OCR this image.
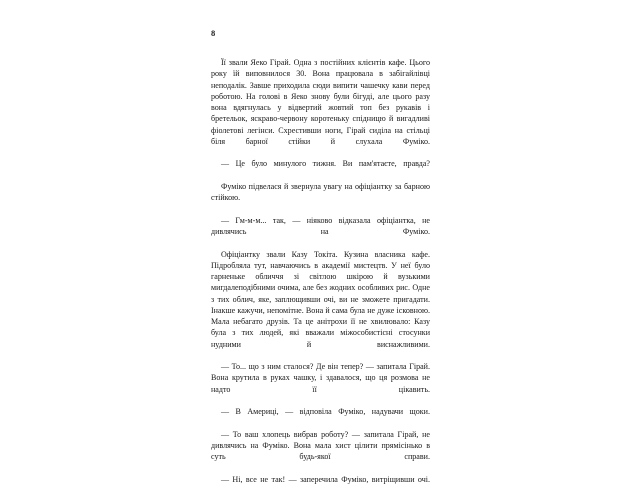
8

Її звали Яеко Гірай. Одна з постійних клієнтів кафе. Цього року їй виповнилося 30. Вона працювала в забігайлівці неподалік. Завше приходила сюди випити чашечку кави перед роботою. На голові в Яеко знову були бігуді, але цього разу вона вдягнулась у відвертий жовтий топ без рукавів і бретельок, яскраво-червону коротеньку спідницю й вигадливі фіолетові легінси. Схрестивши ноги, Гірай сиділа на стільці біля барної стійки й слухала Фуміко.

— Це було минулого тижня. Ви пам'ятаєте, правда?

Фуміко підвелася й звернула увагу на офіціантку за барною стійкою.

— Гм-м-м... так, — ніяково відказала офіціантка, не дивлячись на Фуміко.

Офіціантку звали Казу Токіта. Кузина власника кафе. Підробляла тут, навчаючись в академії мистецтв. У неї було гарненьке обличчя зі світлою шкірою й вузькими мигдалеподібними очима, але без жодних особливих рис. Одне з тих облич, яке, заплющивши очі, ви не зможете пригадати. Інакше кажучи, непомітне. Вона й сама була не дуже ісковною. Мала небагато друзів. Та це анітрохи її не хвилювало: Казу була з тих людей, які вважали міжособистісні стосунки нудними й виснажливими.

— То... що з ним сталося? Де він тепер? — запитала Гірай. Вона крутила в руках чашку, і здавалося, що ця розмова не надто її цікавить.

— В Америці, — відповіла Фуміко, надувачи щоки.

— То ваш хлопець вибрав роботу? — запитала Гірай, не дивлячись на Фуміко. Вона мала хист цілити прямісінько в суть будь-якої справи.

— Ні, все не так! — заперечила Фуміко, витріщивши очі.
